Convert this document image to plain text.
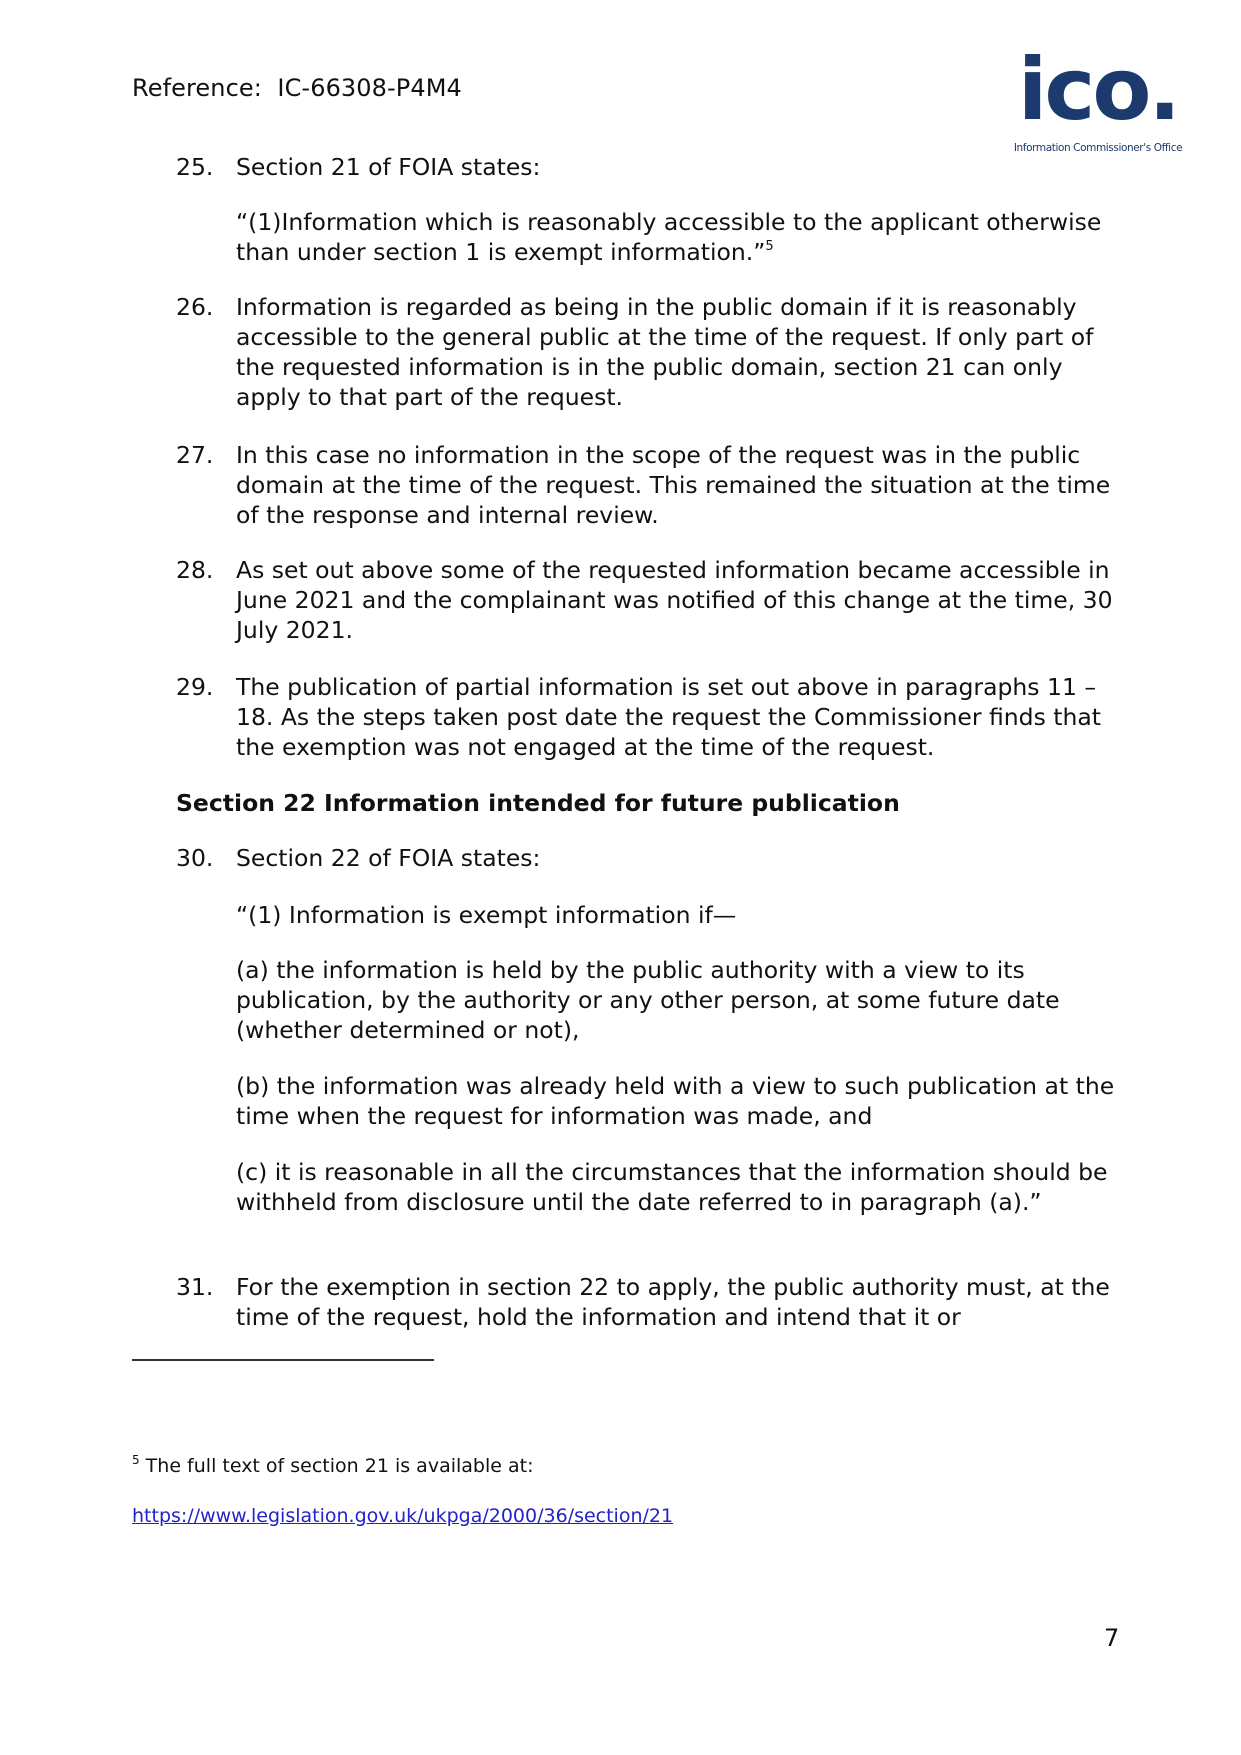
Reference:  IC-66308-P4M4	ico.
Information Commissioner's Office
25. Section 21 of FOIA states:
“(1)Information which is reasonably accessible to the applicant otherwise than under section 1 is exempt information.”$^5$
26. Information is regarded as being in the public domain if it is reasonably accessible to the general public at the time of the request. If only part of the requested information is in the public domain, section 21 can only apply to that part of the request.
27. In this case no information in the scope of the request was in the public domain at the time of the request. This remained the situation at the time of the response and internal review.
28. As set out above some of the requested information became accessible in June 2021 and the complainant was notified of this change at the time, 30 July 2021.
29. The publication of partial information is set out above in paragraphs 11 – 18. As the steps taken post date the request the Commissioner finds that the exemption was not engaged at the time of the request.
Section 22 Information intended for future publication
30. Section 22 of FOIA states:
“(1) Information is exempt information if—
(a) the information is held by the public authority with a view to its publication, by the authority or any other person, at some future date (whether determined or not),
(b) the information was already held with a view to such publication at the time when the request for information was made, and
(c) it is reasonable in all the circumstances that the information should be withheld from disclosure until the date referred to in paragraph (a).”
31. For the exemption in section 22 to apply, the public authority must, at the time of the request, hold the information and intend that it or
$^5$ The full text of section 21 is available at:
https://www.legislation.gov.uk/ukpga/2000/36/section/21
7
